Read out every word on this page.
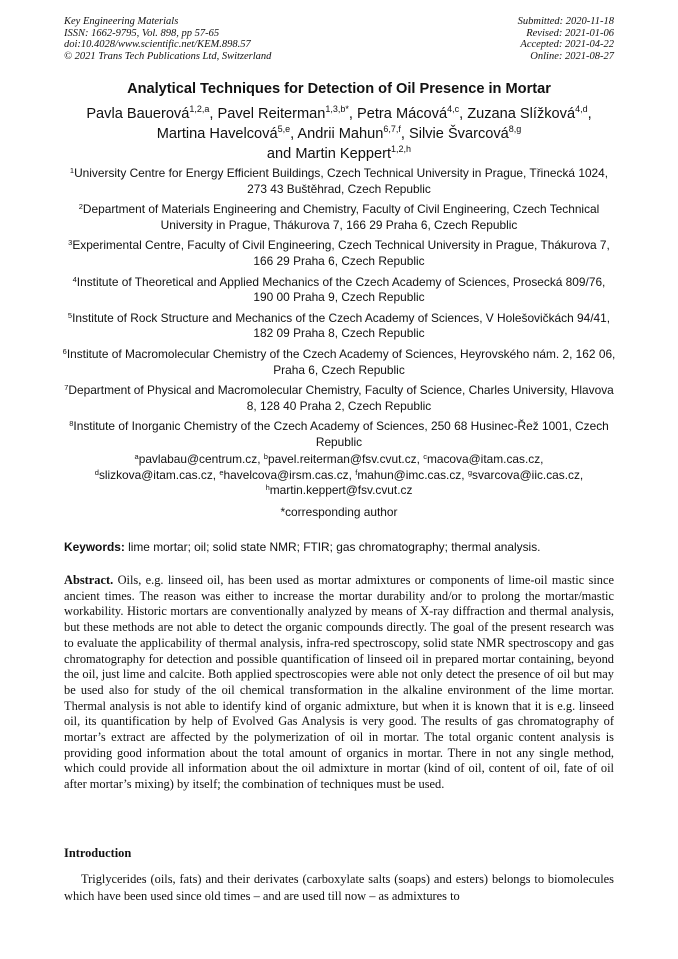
Key Engineering Materials
ISSN: 1662-9795, Vol. 898, pp 57-65
doi:10.4028/www.scientific.net/KEM.898.57
© 2021 Trans Tech Publications Ltd, Switzerland
Submitted: 2020-11-18
Revised: 2021-01-06
Accepted: 2021-04-22
Online: 2021-08-27
Analytical Techniques for Detection of Oil Presence in Mortar
Pavla Bauerová$^{1,2,a}$, Pavel Reiterman$^{1,3,b*}$, Petra Mácová$^{4,c}$, Zuzana Slížková$^{4,d}$,
Martina Havelcová$^{5,e}$, Andrii Mahun$^{6,7,f}$, Silvie Švarcová$^{8,g}$
and Martin Keppert$^{1,2,h}$
$^1$University Centre for Energy Efficient Buildings, Czech Technical University in Prague, Třinecká 1024, 273 43 Buštěhrad, Czech Republic
$^2$Department of Materials Engineering and Chemistry, Faculty of Civil Engineering, Czech Technical University in Prague, Thákurova 7, 166 29 Praha 6, Czech Republic
$^3$Experimental Centre, Faculty of Civil Engineering, Czech Technical University in Prague, Thákurova 7, 166 29 Praha 6, Czech Republic
$^4$Institute of Theoretical and Applied Mechanics of the Czech Academy of Sciences, Prosecká 809/76, 190 00 Praha 9, Czech Republic
$^5$Institute of Rock Structure and Mechanics of the Czech Academy of Sciences, V Holešovičkách 94/41, 182 09 Praha 8, Czech Republic
$^6$Institute of Macromolecular Chemistry of the Czech Academy of Sciences, Heyrovského nám. 2, 162 06, Praha 6, Czech Republic
$^7$Department of Physical and Macromolecular Chemistry, Faculty of Science, Charles University, Hlavova 8, 128 40 Praha 2, Czech Republic
$^8$Institute of Inorganic Chemistry of the Czech Academy of Sciences, 250 68 Husinec-Řež 1001, Czech Republic
$^a$pavlabau@centrum.cz, $^b$pavel.reiterman@fsv.cvut.cz, $^c$macova@itam.cas.cz,
$^d$slizkova@itam.cas.cz, $^e$havelcova@irsm.cas.cz, $^f$mahun@imc.cas.cz, $^g$svarcova@iic.cas.cz,
$^h$martin.keppert@fsv.cvut.cz
*corresponding author
Keywords: lime mortar; oil; solid state NMR; FTIR; gas chromatography; thermal analysis.
Abstract. Oils, e.g. linseed oil, has been used as mortar admixtures or components of lime-oil mastic since ancient times. The reason was either to increase the mortar durability and/or to prolong the mortar/mastic workability. Historic mortars are conventionally analyzed by means of X-ray diffraction and thermal analysis, but these methods are not able to detect the organic compounds directly. The goal of the present research was to evaluate the applicability of thermal analysis, infra-red spectroscopy, solid state NMR spectroscopy and gas chromatography for detection and possible quantification of linseed oil in prepared mortar containing, beyond the oil, just lime and calcite. Both applied spectroscopies were able not only detect the presence of oil but may be used also for study of the oil chemical transformation in the alkaline environment of the lime mortar. Thermal analysis is not able to identify kind of organic admixture, but when it is known that it is e.g. linseed oil, its quantification by help of Evolved Gas Analysis is very good. The results of gas chromatography of mortar’s extract are affected by the polymerization of oil in mortar. The total organic content analysis is providing good information about the total amount of organics in mortar. There in not any single method, which could provide all information about the oil admixture in mortar (kind of oil, content of oil, fate of oil after mortar’s mixing) by itself; the combination of techniques must be used.
Introduction
Triglycerides (oils, fats) and their derivates (carboxylate salts (soaps) and esters) belongs to biomolecules which have been used since old times – and are used till now – as admixtures to
